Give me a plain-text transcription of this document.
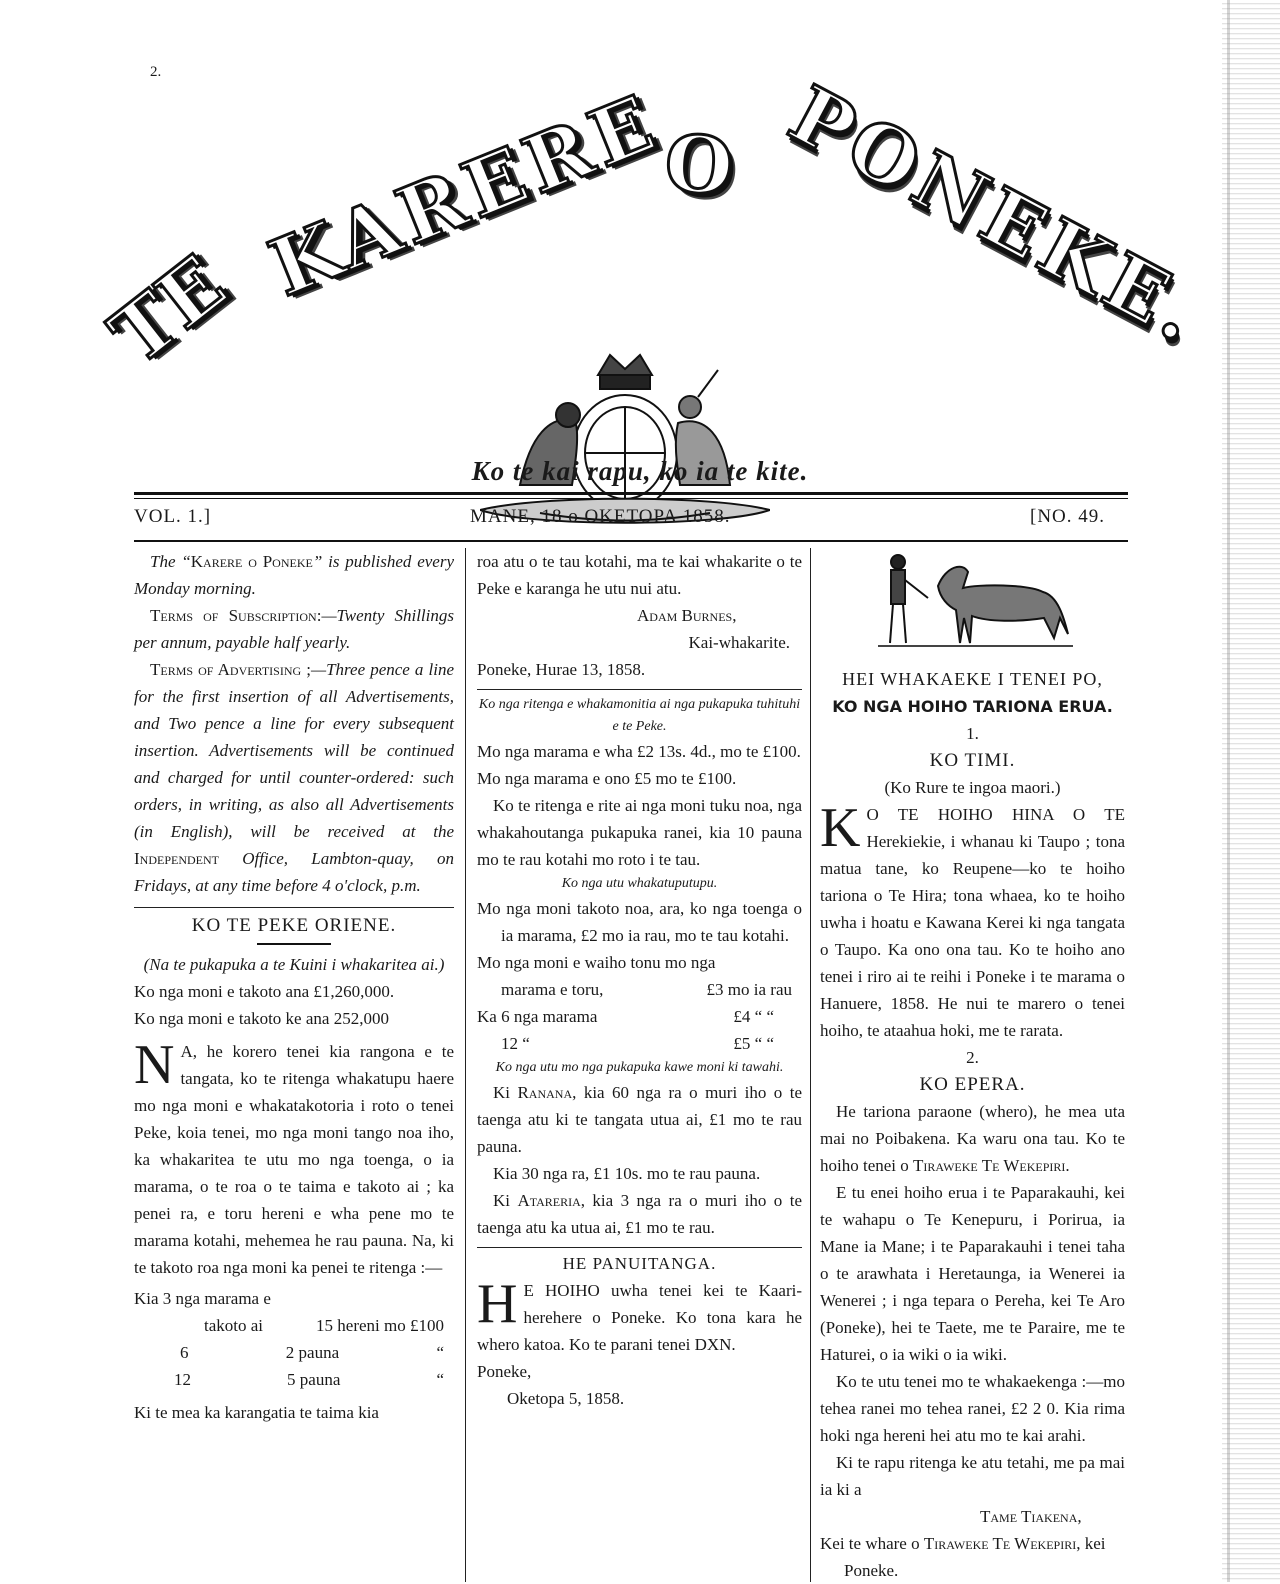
2.
TE KARERE
O PONEKE.
Ko te kai rapu, ko ia te kite.
VOL. 1.]	MANE, 18 o OKETOPA 1858.	[NO. 49.

The “Karere o Poneke” is published every Monday morning.

Terms of Subscription:—Twenty Shillings per annum, payable half yearly.

Terms of Advertising ;—Three pence a line for the first insertion of all Advertisements, and Two pence a line for every subsequent insertion. Advertisements will be continued and charged for until counter-ordered: such orders, in writing, as also all Advertisements (in English), will be received at the Independent Office, Lambton-quay, on Fridays, at any time before 4 o'clock, p.m.

KO TE PEKE ORIENE.

(Na te pukapuka a te Kuini i whakaritea ai.)

Ko nga moni e takoto ana £1,260,000.

Ko nga moni e takoto ke ana 252,000

N A, he korero tenei kia rangona e te tangata, ko te ritenga whakatupu haere mo nga moni e whakatakotoria i roto o tenei Peke, koia tenei, mo nga moni tango noa iho, ka whakaritea te utu mo nga toenga, o ia marama, o te roa o te taima e takoto ai ; ka penei ra, e toru hereni e wha pene mo te marama kotahi, mehemea he rau pauna. Na, ki te takoto roa nga moni ka penei te ritenga :—

Kia 3 nga marama e

takoto ai	15 hereni mo £100
6	2 pauna	“
12	5 pauna	“

Ki te mea ka karangatia te taima kia

roa atu o te tau kotahi, ma te kai whakarite o te Peke e karanga he utu nui atu.

Adam Burnes,

Kai-whakarite.

Poneke, Hurae 13, 1858.

Ko nga ritenga e whakamonitia ai nga pukapuka tuhituhi e te Peke.

Mo nga marama e wha £2 13s. 4d., mo te £100.

Mo nga marama e ono £5 mo te £100.

Ko te ritenga e rite ai nga moni tuku noa, nga whakahoutanga pukapuka ranei, kia 10 pauna mo te rau kotahi mo roto i te tau.

Ko nga utu whakatuputupu.

Mo nga moni takoto noa, ara, ko nga toenga o ia marama, £2 mo ia rau, mo te tau kotahi.

Mo nga moni e waiho tonu mo nga

marama e toru,	£3 mo ia rau
Ka 6 nga marama	£4 “ “
12 “	£5 “ “

Ko nga utu mo nga pukapuka kawe moni ki tawahi.

Ki Ranana, kia 60 nga ra o muri iho o te taenga atu ki te tangata utua ai, £1 mo te rau pauna.

Kia 30 nga ra, £1 10s. mo te rau pauna.

Ki Atareria, kia 3 nga ra o muri iho o te taenga atu ka utua ai, £1 mo te rau.

HE PANUITANGA.

H E HOIHO uwha tenei kei te Kaari-herehere o Poneke. Ko tona kara he whero katoa. Ko te parani tenei DXN.

Poneke,

Oketopa 5, 1858.

HEI WHAKAEKE I TENEI PO,

KO NGA HOIHO TARIONA ERUA.

1.

KO TIMI.

(Ko Rure te ingoa maori.)

K O TE HOIHO HINA O TE Herekiekie, i whanau ki Taupo ; tona matua tane, ko Reupene—ko te hoiho tariona o Te Hira; tona whaea, ko te hoiho uwha i hoatu e Kawana Kerei ki nga tangata o Taupo. Ka ono ona tau. Ko te hoiho ano tenei i riro ai te reihi i Poneke i te marama o Hanuere, 1858. He nui te marero o tenei hoiho, te ataahua hoki, me te rarata.

2.

KO EPERA.

He tariona paraone (whero), he mea uta mai no Poibakena. Ka waru ona tau. Ko te hoiho tenei o Tiraweke Te Wekepiri.

E tu enei hoiho erua i te Paparakauhi, kei te wahapu o Te Kenepuru, i Porirua, ia Mane ia Mane; i te Paparakauhi i tenei taha o te arawhata i Heretaunga, ia Wenerei ia Wenerei ; i nga tepara o Pereha, kei Te Aro (Poneke), hei te Taete, me te Paraire, me te Haturei, o ia wiki o ia wiki.

Ko te utu tenei mo te whakaekenga :—mo tehea ranei mo tehea ranei, £2 2 0. Kia rima hoki nga hereni hei atu mo te kai arahi.

Ki te rapu ritenga ke atu tetahi, me pa mai ia ki a

Tame Tiakena,

Kei te whare o Tiraweke Te Wekepiri, kei Poneke.
